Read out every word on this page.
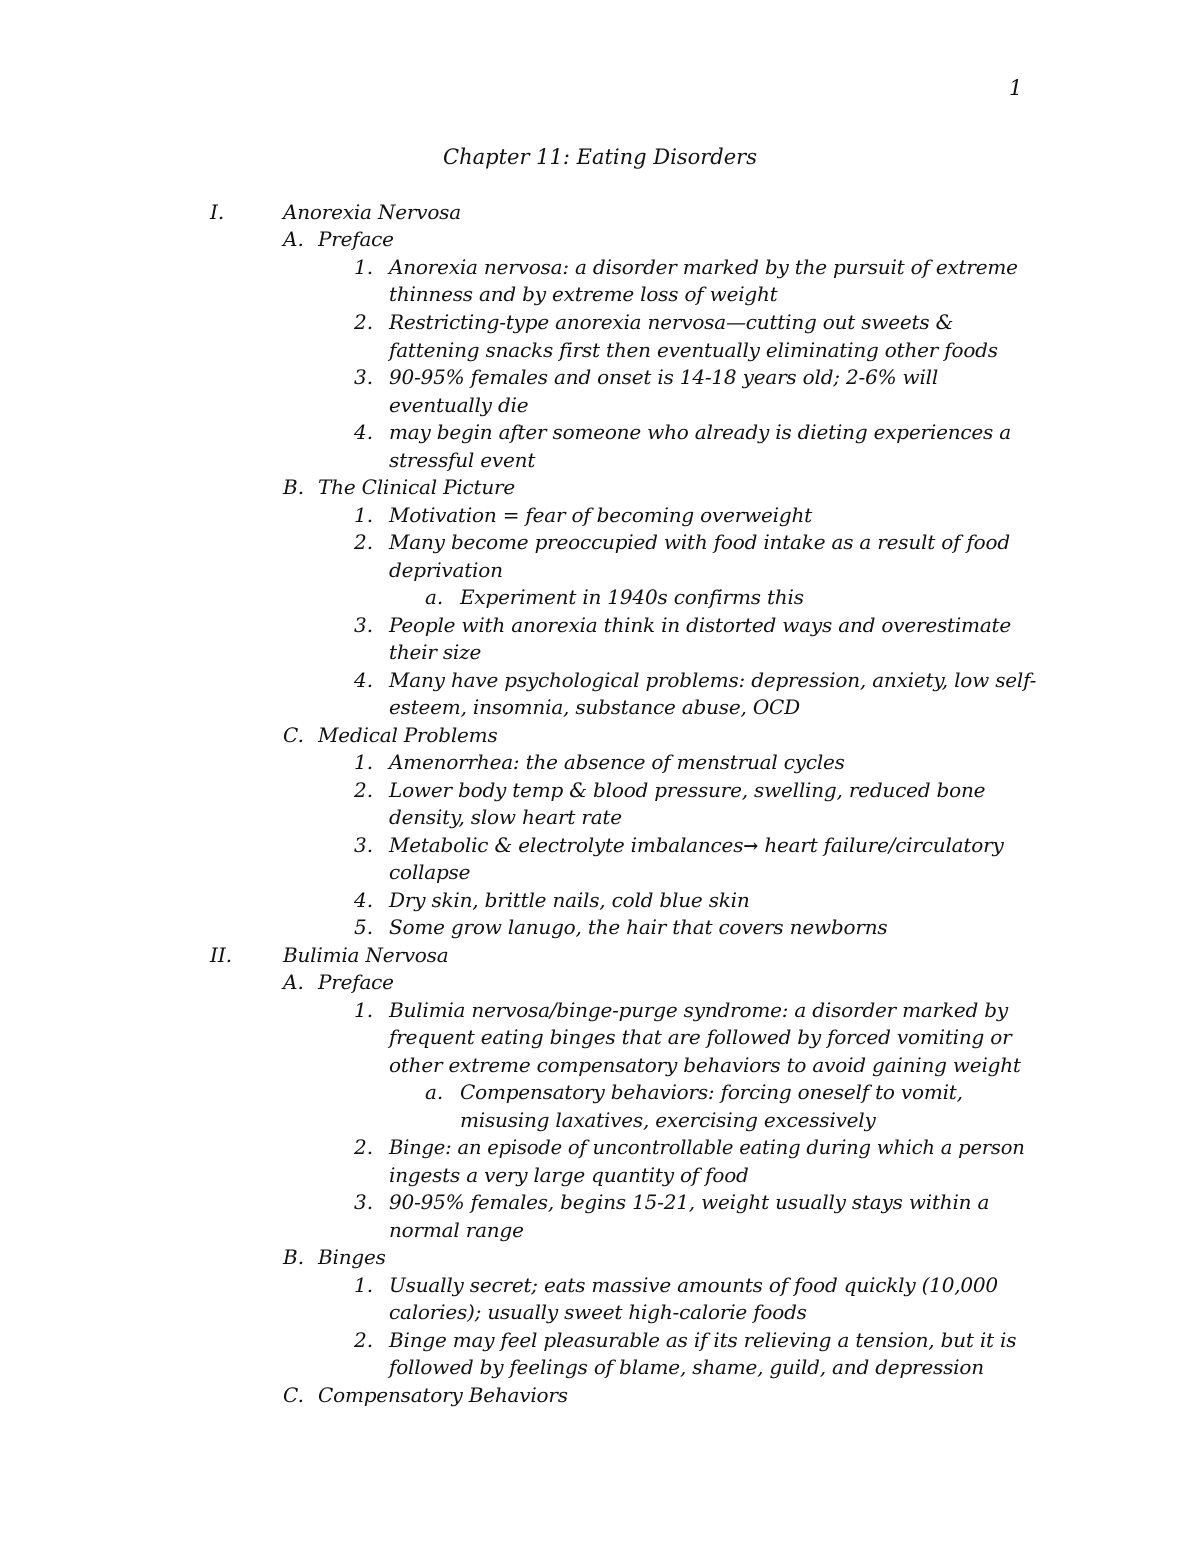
1
Chapter 11: Eating Disorders
I.	Anorexia Nervosa
A. Preface
1. Anorexia nervosa: a disorder marked by the pursuit of extreme
thinness and by extreme loss of weight
2. Restricting-type anorexia nervosa—cutting out sweets &
fattening snacks first then eventually eliminating other foods
3. 90-95% females and onset is 14-18 years old; 2-6% will
eventually die
4. may begin after someone who already is dieting experiences a
stressful event
B. The Clinical Picture
1. Motivation = fear of becoming overweight
2. Many become preoccupied with food intake as a result of food
deprivation
a. Experiment in 1940s confirms this
3. People with anorexia think in distorted ways and overestimate
their size
4. Many have psychological problems: depression, anxiety, low self-
esteem, insomnia, substance abuse, OCD
C. Medical Problems
1. Amenorrhea: the absence of menstrual cycles
2. Lower body temp & blood pressure, swelling, reduced bone
density, slow heart rate
3. Metabolic & electrolyte imbalances→ heart failure/circulatory
collapse
4. Dry skin, brittle nails, cold blue skin
5. Some grow lanugo, the hair that covers newborns
II.	Bulimia Nervosa
A. Preface
1. Bulimia nervosa/binge-purge syndrome: a disorder marked by
frequent eating binges that are followed by forced vomiting or
other extreme compensatory behaviors to avoid gaining weight
a. Compensatory behaviors: forcing oneself to vomit,
misusing laxatives, exercising excessively
2. Binge: an episode of uncontrollable eating during which a person
ingests a very large quantity of food
3. 90-95% females, begins 15-21, weight usually stays within a
normal range
B. Binges
1. Usually secret; eats massive amounts of food quickly (10,000
calories); usually sweet high-calorie foods
2. Binge may feel pleasurable as if its relieving a tension, but it is
followed by feelings of blame, shame, guild, and depression
C. Compensatory Behaviors
